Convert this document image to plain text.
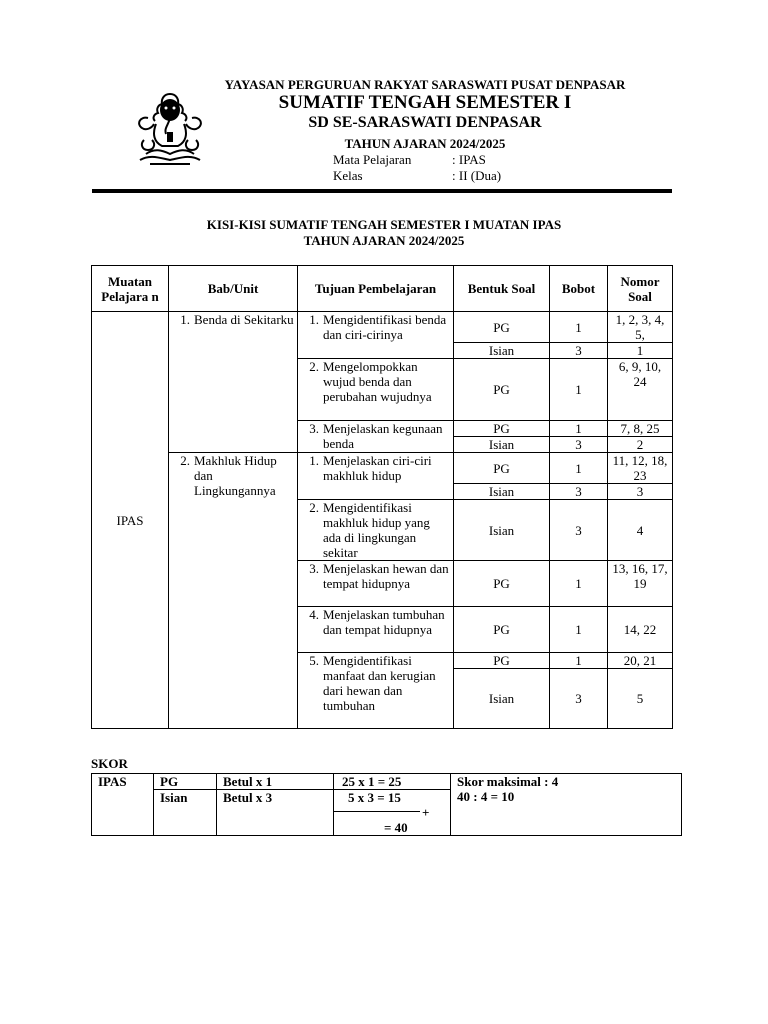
YAYASAN PERGURUAN RAKYAT SARASWATI PUSAT DENPASAR
SUMATIF TENGAH SEMESTER I
SD SE-SARASWATI DENPASAR
TAHUN AJARAN 2024/2025
Mata Pelajaran	: IPAS
Kelas	: II (Dua)
KISI-KISI SUMATIF TENGAH SEMESTER I MUATAN IPAS
TAHUN AJARAN 2024/2025
Muatan Pelajara n	Bab/Unit	Tujuan Pembelajaran	Bentuk Soal	Bobot	Nomor Soal
IPAS	1. Benda di Sekitarku	1. Mengidentifikasi benda dan ciri-cirinya	PG	1	1, 2, 3, 4, 5,
			Isian	3	1

		2. Mengelompokkan wujud benda dan perubahan wujudnya	PG	1	6, 9, 10, 24

		3. Menjelaskan kegunaan benda	PG	1	7, 8, 25
			Isian	3	2

	2. Makhluk Hidup dan Lingkungannya	1. Menjelaskan ciri-ciri makhluk hidup	PG	1	11, 12, 18, 23
			Isian	3	3

		2. Mengidentifikasi makhluk hidup yang ada di lingkungan sekitar	Isian	3	4

		3. Menjelaskan hewan dan tempat hidupnya	PG	1	13, 16, 17, 19

		4. Menjelaskan tumbuhan dan tempat hidupnya	PG	1	14, 22

		5. Mengidentifikasi manfaat dan kerugian dari hewan dan tumbuhan	PG	1	20, 21
			Isian	3	5
SKOR
IPAS	PG	Betul x 1	25 x 1 = 25	Skor maksimal : 4
40 : 4 = 10

	Isian	Betul x 3	5 x 3 = 15
+
= 40	
